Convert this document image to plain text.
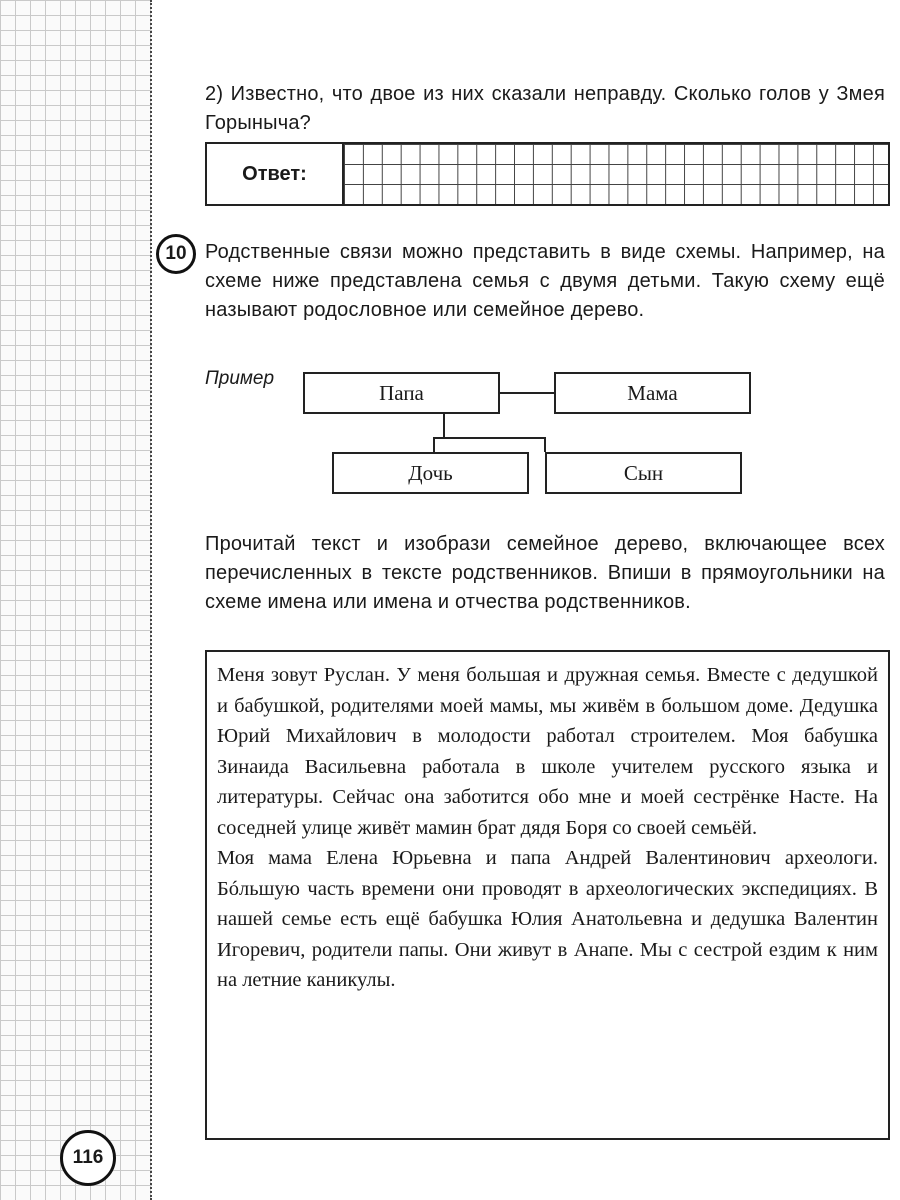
2) Известно, что двое из них сказали неправду. Сколько голов у Змея Горыныча?
Ответ:
10 Родственные связи можно представить в виде схемы. Например, на схеме ниже представлена семья с двумя детьми. Такую схему ещё называют родословное или семейное дерево.
Пример
Папа	Мама
Дочь	Сын
Прочитай текст и изобрази семейное дерево, включающее всех перечисленных в тексте родственников. Впиши в прямоугольники на схеме имена или имена и отчества родственников.

Меня зовут Руслан. У меня большая и дружная семья. Вместе с дедушкой и бабушкой, родителями моей мамы, мы живём в большом доме. Дедушка Юрий Михайлович в молодости работал строителем. Моя бабушка Зинаида Васильевна работала в школе учителем русского языка и литературы. Сейчас она заботится обо мне и моей сестрёнке Насте. На соседней улице живёт мамин брат дядя Боря со своей семьёй.

Моя мама Елена Юрьевна и папа Андрей Валентинович археологи. Бóльшую часть времени они проводят в археологических экспедициях. В нашей семье есть ещё бабушка Юлия Анатольевна и дедушка Валентин Игоревич, родители папы. Они живут в Анапе. Мы с сестрой ездим к ним на летние каникулы.

116
